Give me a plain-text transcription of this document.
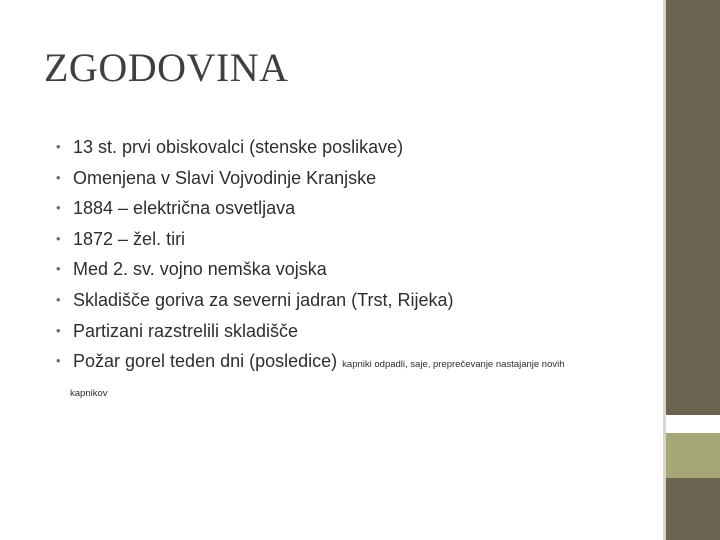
ZGODOVINA
• 13 st. prvi obiskovalci (stenske poslikave)
• Omenjena v Slavi Vojvodinje Kranjske
• 1884 – električna osvetljava
• 1872 – žel. tiri
• Med 2. sv. vojno nemška vojska
• Skladišče goriva za severni jadran (Trst, Rijeka)
• Partizani razstrelili skladišče
• Požar gorel teden dni (posledice) kapniki odpadli, saje, preprečevanje nastajanje novih
kapnikov
